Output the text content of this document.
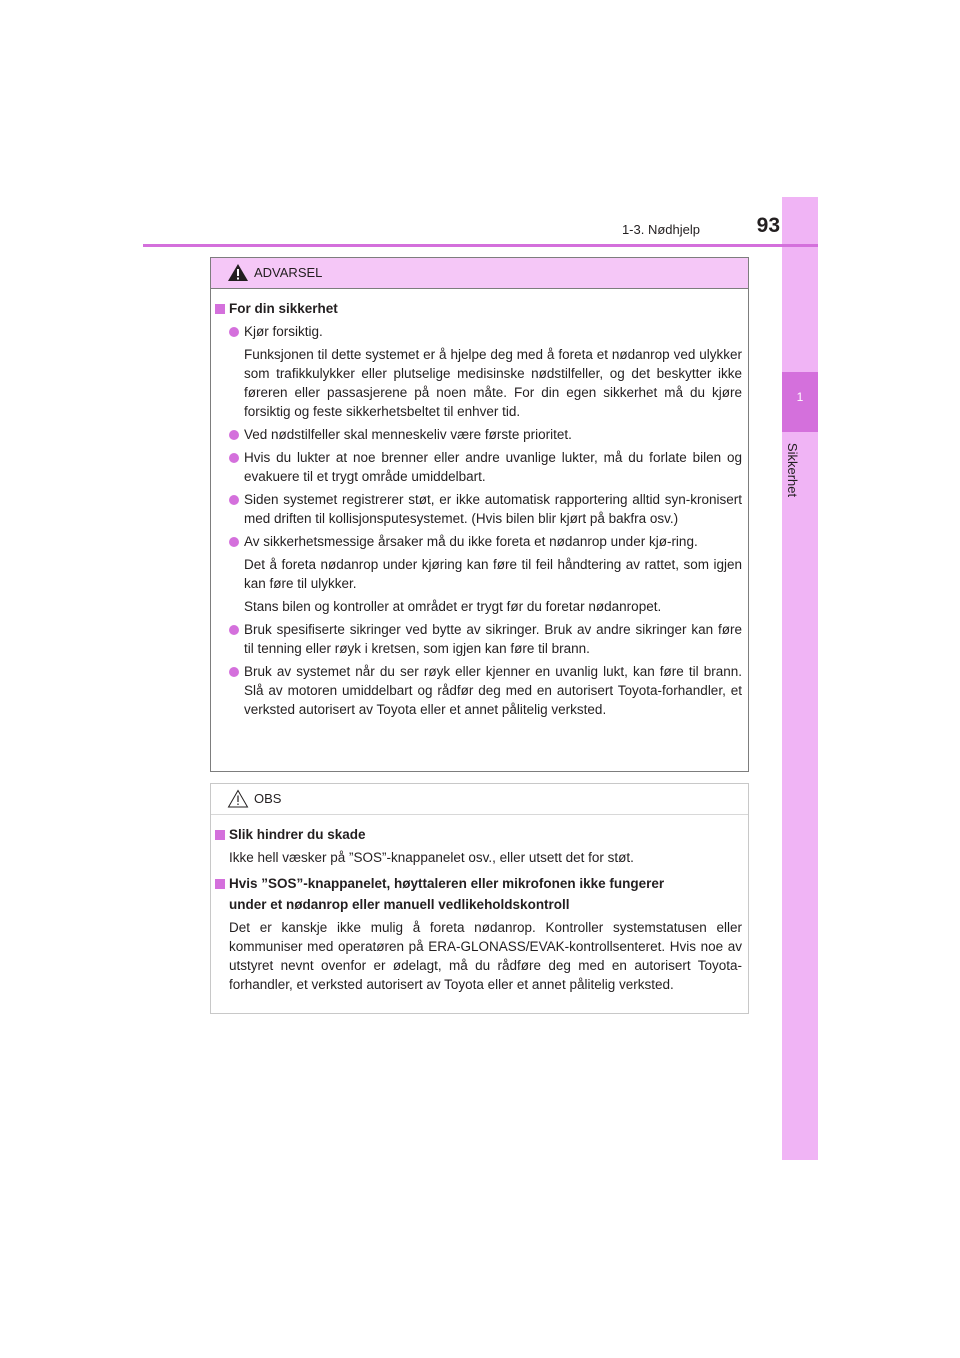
1
Sikkerhet
1-3. Nødhjelp	93
ADVARSEL
For din sikkerhet
Kjør forsiktig.
Funksjonen til dette systemet er å hjelpe deg med å foreta et nødanrop ved ulykker som trafikkulykker eller plutselige medisinske nødstilfeller, og det beskytter ikke føreren eller passasjerene på noen måte. For din egen sikkerhet må du kjøre forsiktig og feste sikkerhetsbeltet til enhver tid.
Ved nødstilfeller skal menneskeliv være første prioritet.
Hvis du lukter at noe brenner eller andre uvanlige lukter, må du forlate bilen og evakuere til et trygt område umiddelbart.
Siden systemet registrerer støt, er ikke automatisk rapportering alltid syn-kronisert med driften til kollisjonsputesystemet. (Hvis bilen blir kjørt på bakfra osv.)
Av sikkerhetsmessige årsaker må du ikke foreta et nødanrop under kjø-ring.
Det å foreta nødanrop under kjøring kan føre til feil håndtering av rattet, som igjen kan føre til ulykker.
Stans bilen og kontroller at området er trygt før du foretar nødanropet.
Bruk spesifiserte sikringer ved bytte av sikringer. Bruk av andre sikringer kan føre til tenning eller røyk i kretsen, som igjen kan føre til brann.
Bruk av systemet når du ser røyk eller kjenner en uvanlig lukt, kan føre til brann. Slå av motoren umiddelbart og rådfør deg med en autorisert Toyota-forhandler, et verksted autorisert av Toyota eller et annet pålitelig verksted.
OBS
Slik hindrer du skade
Ikke hell væsker på ”SOS”-knappanelet osv., eller utsett det for støt.
Hvis ”SOS”-knappanelet, høyttaleren eller mikrofonen ikke fungerer
under et nødanrop eller manuell vedlikeholdskontroll
Det er kanskje ikke mulig å foreta nødanrop. Kontroller systemstatusen eller kommuniser med operatøren på ERA-GLONASS/EVAK-kontrollsenteret. Hvis noe av utstyret nevnt ovenfor er ødelagt, må du rådføre deg med en autorisert Toyota-forhandler, et verksted autorisert av Toyota eller et annet pålitelig verksted.
